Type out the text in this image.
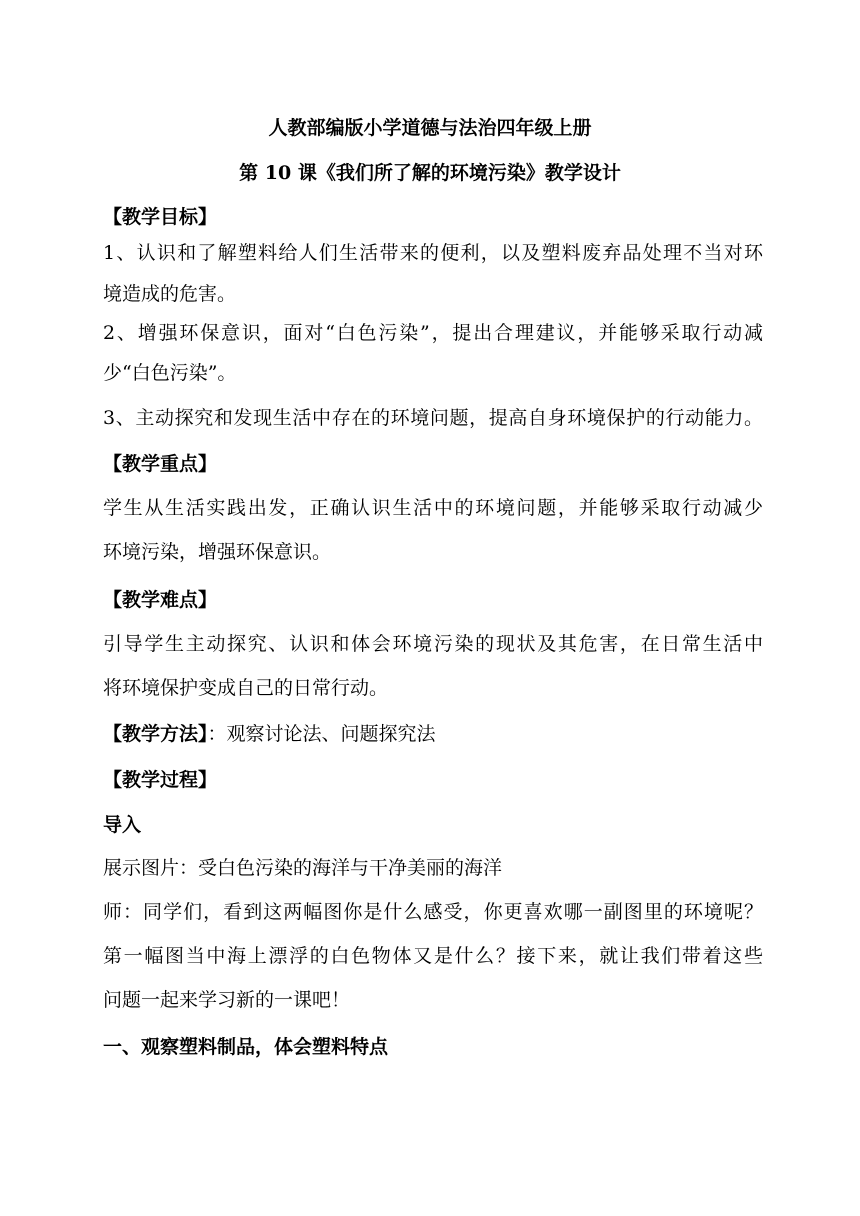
人教部编版小学道德与法治四年级上册
第 10 课《我们所了解的环境污染》教学设计
【教学目标】
1、认识和了解塑料给人们生活带来的便利，以及塑料废弃品处理不当对环
境造成的危害。
2、增强环保意识，面对“白色污染”，提出合理建议，并能够采取行动减
少“白色污染”。
3、主动探究和发现生活中存在的环境问题，提高自身环境保护的行动能力。
【教学重点】
学生从生活实践出发，正确认识生活中的环境问题，并能够采取行动减少
环境污染，增强环保意识。
【教学难点】
引导学生主动探究、认识和体会环境污染的现状及其危害，在日常生活中
将环境保护变成自己的日常行动。
【教学方法】：观察讨论法、问题探究法
【教学过程】
导入
展示图片：受白色污染的海洋与干净美丽的海洋
师：同学们，看到这两幅图你是什么感受，你更喜欢哪一副图里的环境呢？
第一幅图当中海上漂浮的白色物体又是什么？接下来，就让我们带着这些
问题一起来学习新的一课吧！
一、观察塑料制品，体会塑料特点
